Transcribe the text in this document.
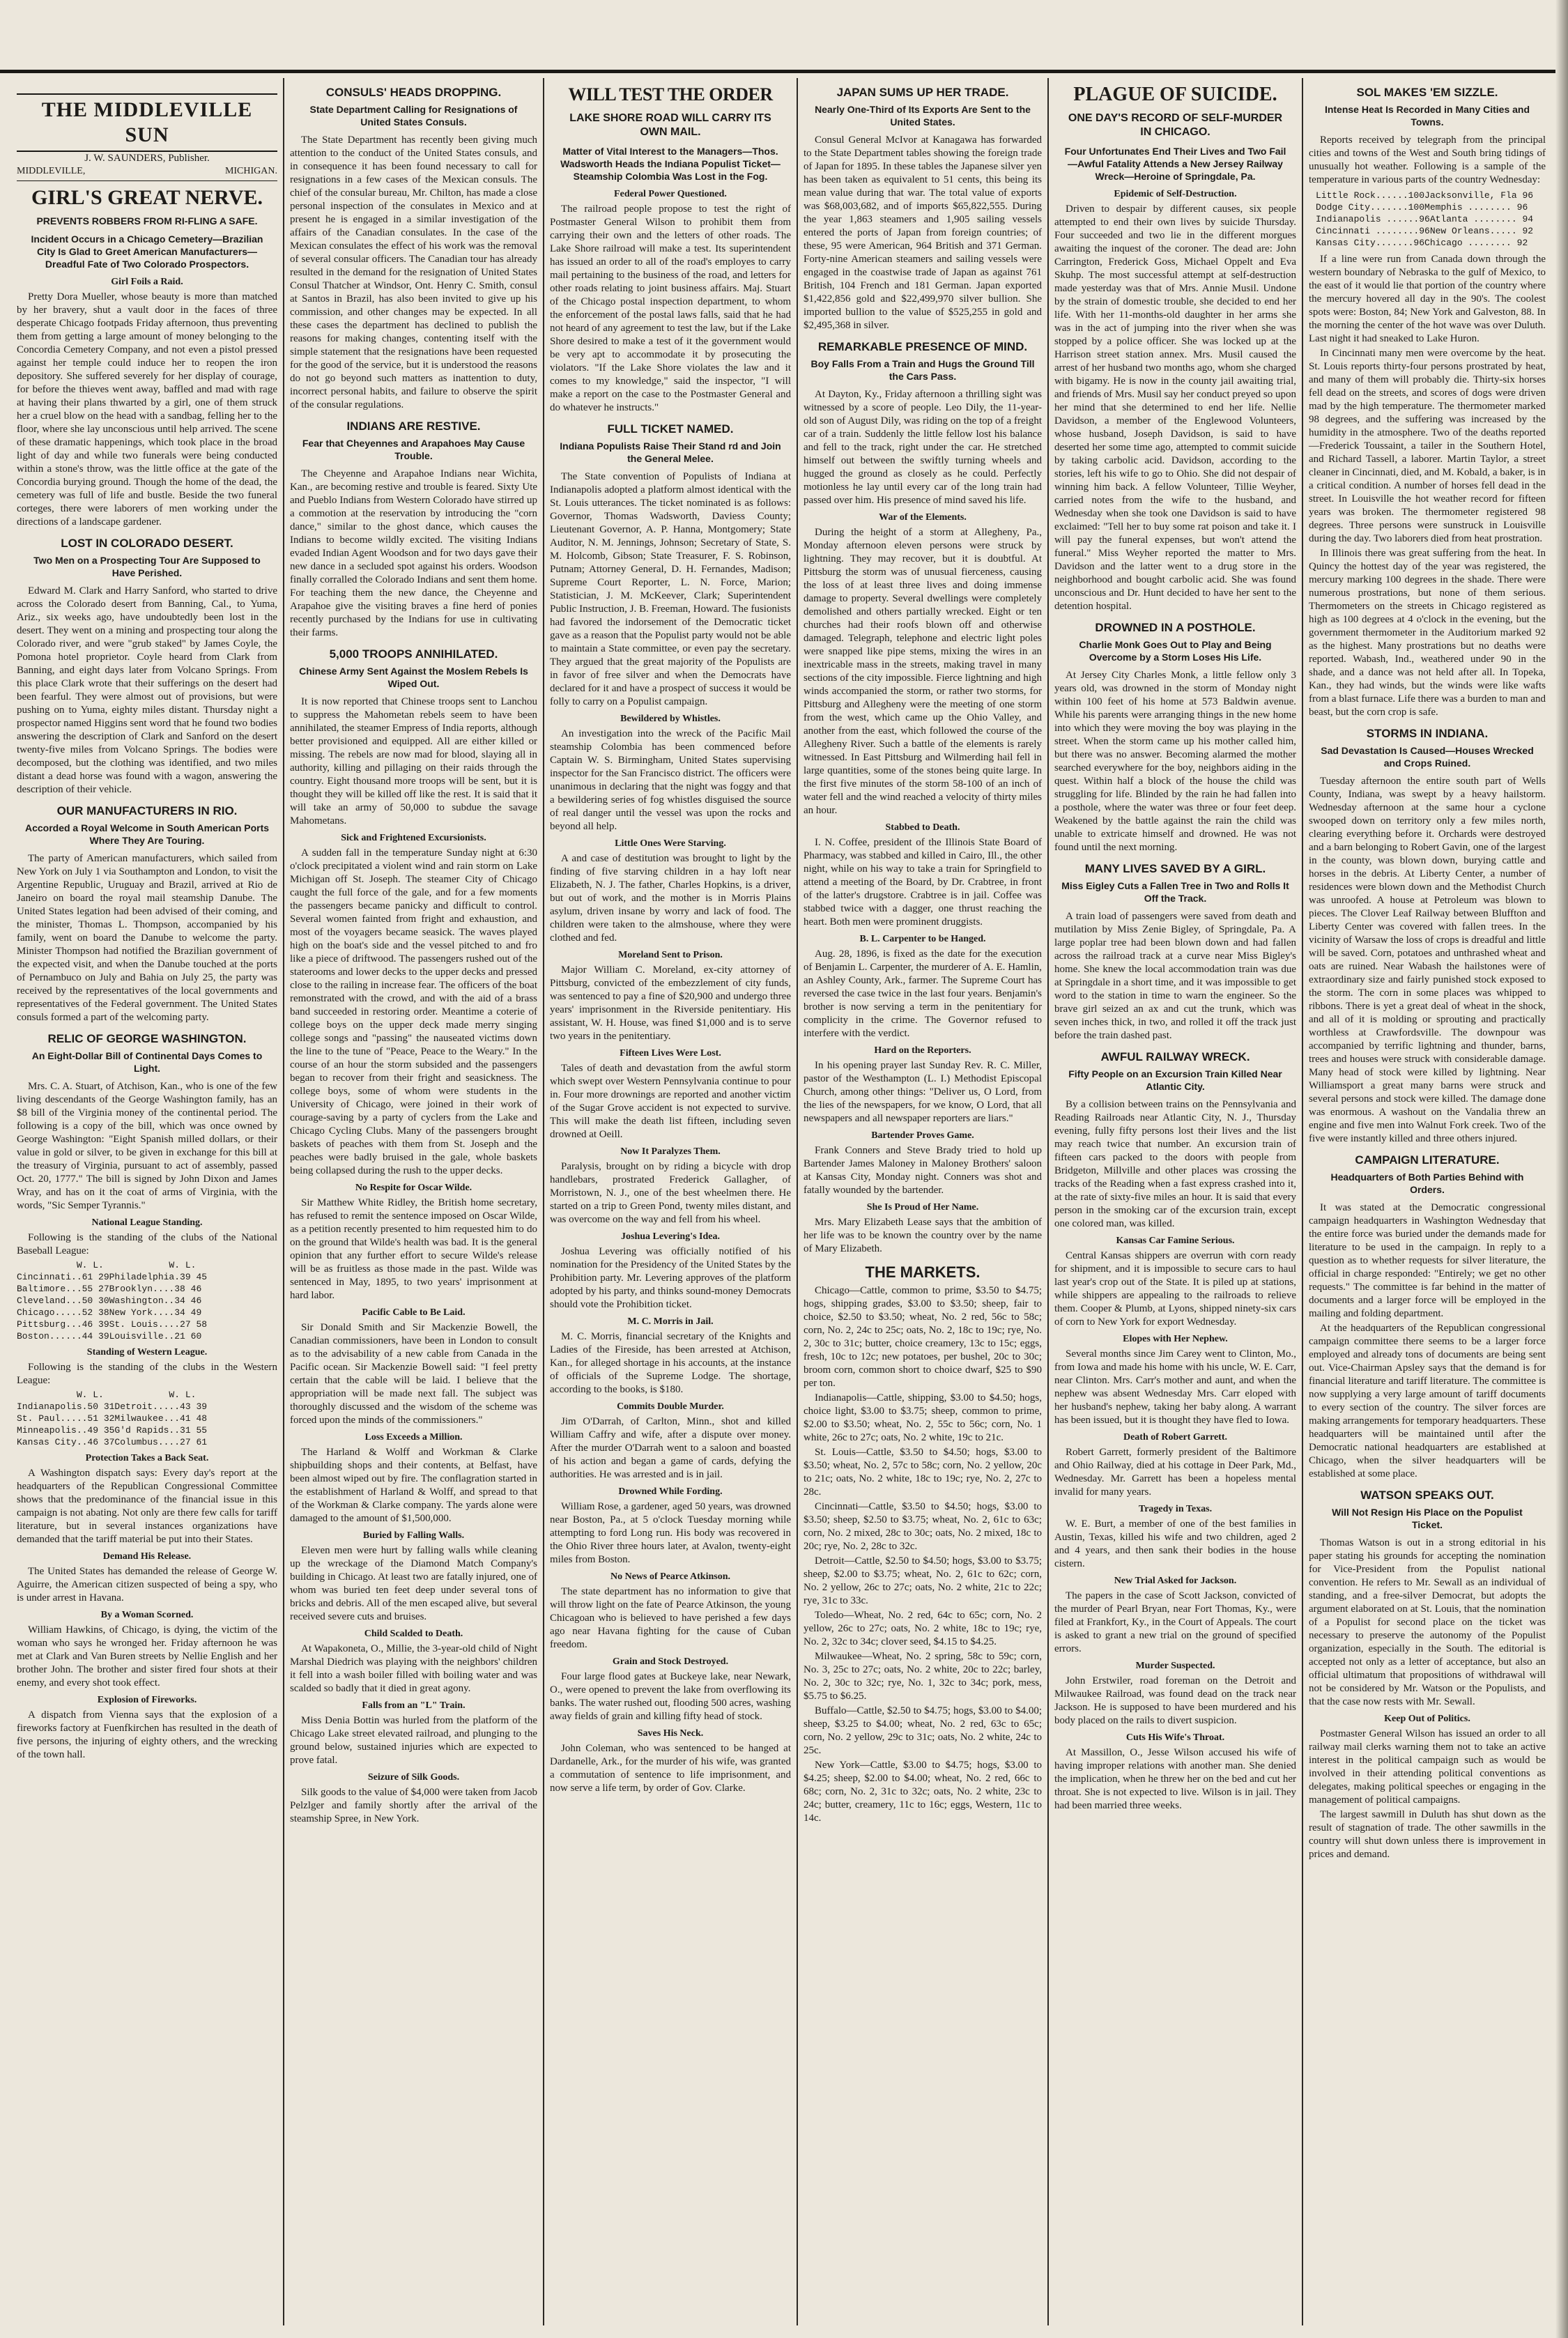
THE MIDDLEVILLE SUN
J. W. SAUNDERS, Publisher.
MIDDLEVILLE,	MICHIGAN.
GIRL'S GREAT NERVE.
PREVENTS ROBBERS FROM RI-FLING A SAFE.
Incident Occurs in a Chicago Cemetery—Brazilian City Is Glad to Greet American Manufacturers—Dreadful Fate of Two Colorado Prospectors.
Girl Foils a Raid.

Pretty Dora Mueller, whose beauty is more than matched by her bravery, shut a vault door in the faces of three desperate Chicago footpads Friday afternoon, thus preventing them from getting a large amount of money belonging to the Concordia Cemetery Company, and not even a pistol pressed against her temple could induce her to reopen the iron depository. She suffered severely for her display of courage, for before the thieves went away, baffled and mad with rage at having their plans thwarted by a girl, one of them struck her a cruel blow on the head with a sandbag, felling her to the floor, where she lay unconscious until help arrived. The scene of these dramatic happenings, which took place in the broad light of day and while two funerals were being conducted within a stone's throw, was the little office at the gate of the Concordia burying ground. Though the home of the dead, the cemetery was full of life and bustle. Beside the two funeral corteges, there were laborers of men working under the directions of a landscape gardener.

LOST IN COLORADO DESERT.
Two Men on a Prospecting Tour Are Supposed to Have Perished.

Edward M. Clark and Harry Sanford, who started to drive across the Colorado desert from Banning, Cal., to Yuma, Ariz., six weeks ago, have undoubtedly been lost in the desert. They went on a mining and prospecting tour along the Colorado river, and were "grub staked" by James Coyle, the Pomona hotel proprietor. Coyle heard from Clark from Banning, and eight days later from Volcano Springs. From this place Clark wrote that their sufferings on the desert had been fearful. They were almost out of provisions, but were pushing on to Yuma, eighty miles distant. Thursday night a prospector named Higgins sent word that he found two bodies answering the description of Clark and Sanford on the desert twenty-five miles from Volcano Springs. The bodies were decomposed, but the clothing was identified, and two miles distant a dead horse was found with a wagon, answering the description of their vehicle.

OUR MANUFACTURERS IN RIO.
Accorded a Royal Welcome in South American Ports Where They Are Touring.

The party of American manufacturers, which sailed from New York on July 1 via Southampton and London, to visit the Argentine Republic, Uruguay and Brazil, arrived at Rio de Janeiro on board the royal mail steamship Danube. The United States legation had been advised of their coming, and the minister, Thomas L. Thompson, accompanied by his family, went on board the Danube to welcome the party. Minister Thompson had notified the Brazilian government of the expected visit, and when the Danube touched at the ports of Pernambuco on July and Bahia on July 25, the party was received by the representatives of the local governments and representatives of the Federal government. The United States consuls formed a part of the welcoming party.

RELIC OF GEORGE WASHINGTON.
An Eight-Dollar Bill of Continental Days Comes to Light.

Mrs. C. A. Stuart, of Atchison, Kan., who is one of the few living descendants of the George Washington family, has an $8 bill of the Virginia money of the continental period. The following is a copy of the bill, which was once owned by George Washington: "Eight Spanish milled dollars, or their value in gold or silver, to be given in exchange for this bill at the treasury of Virginia, pursuant to act of assembly, passed Oct. 20, 1777." The bill is signed by John Dixon and James Wray, and has on it the coat of arms of Virginia, with the words, "Sic Semper Tyrannis."

National League Standing.

Following is the standing of the clubs of the National Baseball League:

W. L.            W. L.
Cincinnati..61 29Philadelphia.39 45
Baltimore...55 27Brooklyn....38 46
Cleveland...50 30Washington..34 46
Chicago.....52 38New York....34 49
Pittsburg...46 39St. Louis....27 58
Boston......44 39Louisville..21 60
Standing of Western League.

Following is the standing of the clubs in the Western League:

W. L.            W. L.
Indianapolis.50 31Detroit.....43 39
St. Paul.....51 32Milwaukee...41 48
Minneapolis..49 35G'd Rapids..31 55
Kansas City..46 37Columbus....27 61
Protection Takes a Back Seat.

A Washington dispatch says: Every day's report at the headquarters of the Republican Congressional Committee shows that the predominance of the financial issue in this campaign is not abating. Not only are there few calls for tariff literature, but in several instances organizations have demanded that the tariff material be put into their States.

Demand His Release.

The United States has demanded the release of George W. Aguirre, the American citizen suspected of being a spy, who is under arrest in Havana.

By a Woman Scorned.

William Hawkins, of Chicago, is dying, the victim of the woman who says he wronged her. Friday afternoon he was met at Clark and Van Buren streets by Nellie English and her brother John. The brother and sister fired four shots at their enemy, and every shot took effect.

Explosion of Fireworks.

A dispatch from Vienna says that the explosion of a fireworks factory at Fuenfkirchen has resulted in the death of five persons, the injuring of eighty others, and the wrecking of the town hall.

CONSULS' HEADS DROPPING.
State Department Calling for Resignations of United States Consuls.

The State Department has recently been giving much attention to the conduct of the United States consuls, and in consequence it has been found necessary to call for resignations in a few cases of the Mexican consuls. The chief of the consular bureau, Mr. Chilton, has made a close personal inspection of the consulates in Mexico and at present he is engaged in a similar investigation of the affairs of the Canadian consulates. In the case of the Mexican consulates the effect of his work was the removal of several consular officers. The Canadian tour has already resulted in the demand for the resignation of United States Consul Thatcher at Windsor, Ont. Henry C. Smith, consul at Santos in Brazil, has also been invited to give up his commission, and other changes may be expected. In all these cases the department has declined to publish the reasons for making changes, contenting itself with the simple statement that the resignations have been requested for the good of the service, but it is understood the reasons do not go beyond such matters as inattention to duty, incorrect personal habits, and failure to observe the spirit of the consular regulations.

INDIANS ARE RESTIVE.
Fear that Cheyennes and Arapahoes May Cause Trouble.

The Cheyenne and Arapahoe Indians near Wichita, Kan., are becoming restive and trouble is feared. Sixty Ute and Pueblo Indians from Western Colorado have stirred up a commotion at the reservation by introducing the "corn dance," similar to the ghost dance, which causes the Indians to become wildly excited. The visiting Indians evaded Indian Agent Woodson and for two days gave their new dance in a secluded spot against his orders. Woodson finally corralled the Colorado Indians and sent them home. For teaching them the new dance, the Cheyenne and Arapahoe give the visiting braves a fine herd of ponies recently purchased by the Indians for use in cultivating their farms.

5,000 TROOPS ANNIHILATED.
Chinese Army Sent Against the Moslem Rebels Is Wiped Out.

It is now reported that Chinese troops sent to Lanchou to suppress the Mahometan rebels seem to have been annihilated, the steamer Empress of India reports, although better provisioned and equipped. All are either killed or missing. The rebels are now mad for blood, slaying all in authority, killing and pillaging on their raids through the country. Eight thousand more troops will be sent, but it is thought they will be killed off like the rest. It is said that it will take an army of 50,000 to subdue the savage Mahometans.

Sick and Frightened Excursionists.

A sudden fall in the temperature Sunday night at 6:30 o'clock precipitated a violent wind and rain storm on Lake Michigan off St. Joseph. The steamer City of Chicago caught the full force of the gale, and for a few moments the passengers became panicky and difficult to control. Several women fainted from fright and exhaustion, and most of the voyagers became seasick. The waves played high on the boat's side and the vessel pitched to and fro like a piece of driftwood. The passengers rushed out of the staterooms and lower decks to the upper decks and pressed close to the railing in increase fear. The officers of the boat remonstrated with the crowd, and with the aid of a brass band succeeded in restoring order. Meantime a coterie of college boys on the upper deck made merry singing college songs and "passing" the nauseated victims down the line to the tune of "Peace, Peace to the Weary." In the course of an hour the storm subsided and the passengers began to recover from their fright and seasickness. The college boys, some of whom were students in the University of Chicago, were joined in their work of courage-saving by a party of cyclers from the Lake and Chicago Cycling Clubs. Many of the passengers brought baskets of peaches with them from St. Joseph and the peaches were badly bruised in the gale, whole baskets being collapsed during the rush to the upper decks.

No Respite for Oscar Wilde.

Sir Matthew White Ridley, the British home secretary, has refused to remit the sentence imposed on Oscar Wilde, as a petition recently presented to him requested him to do on the ground that Wilde's health was bad. It is the general opinion that any further effort to secure Wilde's release will be as fruitless as those made in the past. Wilde was sentenced in May, 1895, to two years' imprisonment at hard labor.

Pacific Cable to Be Laid.

Sir Donald Smith and Sir Mackenzie Bowell, the Canadian commissioners, have been in London to consult as to the advisability of a new cable from Canada in the Pacific ocean. Sir Mackenzie Bowell said: "I feel pretty certain that the cable will be laid. I believe that the appropriation will be made next fall. The subject was thoroughly discussed and the wisdom of the scheme was forced upon the minds of the commissioners."

Loss Exceeds a Million.

The Harland & Wolff and Workman & Clarke shipbuilding shops and their contents, at Belfast, have been almost wiped out by fire. The conflagration started in the establishment of Harland & Wolff, and spread to that of the Workman & Clarke company. The yards alone were damaged to the amount of $1,500,000.

Buried by Falling Walls.

Eleven men were hurt by falling walls while cleaning up the wreckage of the Diamond Match Company's building in Chicago. At least two are fatally injured, one of whom was buried ten feet deep under several tons of bricks and debris. All of the men escaped alive, but several received severe cuts and bruises.

Child Scalded to Death.

At Wapakoneta, O., Millie, the 3-year-old child of Night Marshal Diedrich was playing with the neighbors' children it fell into a wash boiler filled with boiling water and was scalded so badly that it died in great agony.

Falls from an "L" Train.

Miss Denia Bottin was hurled from the platform of the Chicago Lake street elevated railroad, and plunging to the ground below, sustained injuries which are expected to prove fatal.

Seizure of Silk Goods.

Silk goods to the value of $4,000 were taken from Jacob Pelzlger and family shortly after the arrival of the steamship Spree, in New York.

WILL TEST THE ORDER
LAKE SHORE ROAD WILL CARRY ITS OWN MAIL.
Matter of Vital Interest to the Managers—Thos. Wadsworth Heads the Indiana Populist Ticket—Steamship Colombia Was Lost in the Fog.
Federal Power Questioned.

The railroad people propose to test the right of Postmaster General Wilson to prohibit them from carrying their own and the letters of other roads. The Lake Shore railroad will make a test. Its superintendent has issued an order to all of the road's employes to carry mail pertaining to the business of the road, and letters for other roads relating to joint business affairs. Maj. Stuart of the Chicago postal inspection department, to whom the enforcement of the postal laws falls, said that he had not heard of any agreement to test the law, but if the Lake Shore desired to make a test of it the government would be very apt to accommodate it by prosecuting the violators. "If the Lake Shore violates the law and it comes to my knowledge," said the inspector, "I will make a report on the case to the Postmaster General and do whatever he instructs."

FULL TICKET NAMED.
Indiana Populists Raise Their Stand rd and Join the General Melee.

The State convention of Populists of Indiana at Indianapolis adopted a platform almost identical with the St. Louis utterances. The ticket nominated is as follows: Governor, Thomas Wadsworth, Daviess County; Lieutenant Governor, A. P. Hanna, Montgomery; State Auditor, N. M. Jennings, Johnson; Secretary of State, S. M. Holcomb, Gibson; State Treasurer, F. S. Robinson, Putnam; Attorney General, D. H. Fernandes, Madison; Supreme Court Reporter, L. N. Force, Marion; Statistician, J. M. McKeever, Clark; Superintendent Public Instruction, J. B. Freeman, Howard. The fusionists had favored the indorsement of the Democratic ticket gave as a reason that the Populist party would not be able to maintain a State committee, or even pay the secretary. They argued that the great majority of the Populists are in favor of free silver and when the Democrats have declared for it and have a prospect of success it would be folly to carry on a Populist campaign.

Bewildered by Whistles.

An investigation into the wreck of the Pacific Mail steamship Colombia has been commenced before Captain W. S. Birmingham, United States supervising inspector for the San Francisco district. The officers were unanimous in declaring that the night was foggy and that a bewildering series of fog whistles disguised the source of real danger until the vessel was upon the rocks and beyond all help.

Little Ones Were Starving.

A and case of destitution was brought to light by the finding of five starving children in a hay loft near Elizabeth, N. J. The father, Charles Hopkins, is a driver, but out of work, and the mother is in Morris Plains asylum, driven insane by worry and lack of food. The children were taken to the almshouse, where they were clothed and fed.

Moreland Sent to Prison.

Major William C. Moreland, ex-city attorney of Pittsburg, convicted of the embezzlement of city funds, was sentenced to pay a fine of $20,900 and undergo three years' imprisonment in the Riverside penitentiary. His assistant, W. H. House, was fined $1,000 and is to serve two years in the penitentiary.

Fifteen Lives Were Lost.

Tales of death and devastation from the awful storm which swept over Western Pennsylvania continue to pour in. Four more drownings are reported and another victim of the Sugar Grove accident is not expected to survive. This will make the death list fifteen, including seven drowned at Oeill.

Now It Paralyzes Them.

Paralysis, brought on by riding a bicycle with drop handlebars, prostrated Frederick Gallagher, of Morristown, N. J., one of the best wheelmen there. He started on a trip to Green Pond, twenty miles distant, and was overcome on the way and fell from his wheel.

Joshua Levering's Idea.

Joshua Levering was officially notified of his nomination for the Presidency of the United States by the Prohibition party. Mr. Levering approves of the platform adopted by his party, and thinks sound-money Democrats should vote the Prohibition ticket.

M. C. Morris in Jail.

M. C. Morris, financial secretary of the Knights and Ladies of the Fireside, has been arrested at Atchison, Kan., for alleged shortage in his accounts, at the instance of officials of the Supreme Lodge. The shortage, according to the books, is $180.

Commits Double Murder.

Jim O'Darrah, of Carlton, Minn., shot and killed William Caffry and wife, after a dispute over money. After the murder O'Darrah went to a saloon and boasted of his action and began a game of cards, defying the authorities. He was arrested and is in jail.

Drowned While Fording.

William Rose, a gardener, aged 50 years, was drowned near Boston, Pa., at 5 o'clock Tuesday morning while attempting to ford Long run. His body was recovered in the Ohio River three hours later, at Avalon, twenty-eight miles from Boston.

No News of Pearce Atkinson.

The state department has no information to give that will throw light on the fate of Pearce Atkinson, the young Chicagoan who is believed to have perished a few days ago near Havana fighting for the cause of Cuban freedom.

Grain and Stock Destroyed.

Four large flood gates at Buckeye lake, near Newark, O., were opened to prevent the lake from overflowing its banks. The water rushed out, flooding 500 acres, washing away fields of grain and killing fifty head of stock.

Saves His Neck.

John Coleman, who was sentenced to be hanged at Dardanelle, Ark., for the murder of his wife, was granted a commutation of sentence to life imprisonment, and now serve a life term, by order of Gov. Clarke.

JAPAN SUMS UP HER TRADE.
Nearly One-Third of Its Exports Are Sent to the United States.

Consul General McIvor at Kanagawa has forwarded to the State Department tables showing the foreign trade of Japan for 1895. In these tables the Japanese silver yen has been taken as equivalent to 51 cents, this being its mean value during that war. The total value of exports was $68,003,682, and of imports $65,822,555. During the year 1,863 steamers and 1,905 sailing vessels entered the ports of Japan from foreign countries; of these, 95 were American, 964 British and 371 German. Forty-nine American steamers and sailing vessels were engaged in the coastwise trade of Japan as against 761 British, 104 French and 181 German. Japan exported $1,422,856 gold and $22,499,970 silver bullion. She imported bullion to the value of $525,255 in gold and $2,495,368 in silver.

REMARKABLE PRESENCE OF MIND.
Boy Falls From a Train and Hugs the Ground Till the Cars Pass.

At Dayton, Ky., Friday afternoon a thrilling sight was witnessed by a score of people. Leo Dily, the 11-year-old son of August Dily, was riding on the top of a freight car of a train. Suddenly the little fellow lost his balance and fell to the track, right under the car. He stretched himself out between the swiftly turning wheels and hugged the ground as closely as he could. Perfectly motionless he lay until every car of the long train had passed over him. His presence of mind saved his life.

War of the Elements.

During the height of a storm at Allegheny, Pa., Monday afternoon eleven persons were struck by lightning. They may recover, but it is doubtful. At Pittsburg the storm was of unusual fierceness, causing the loss of at least three lives and doing immense damage to property. Several dwellings were completely demolished and others partially wrecked. Eight or ten churches had their roofs blown off and otherwise damaged. Telegraph, telephone and electric light poles were snapped like pipe stems, mixing the wires in an inextricable mass in the streets, making travel in many sections of the city impossible. Fierce lightning and high winds accompanied the storm, or rather two storms, for Pittsburg and Allegheny were the meeting of one storm from the west, which came up the Ohio Valley, and another from the east, which followed the course of the Allegheny River. Such a battle of the elements is rarely witnessed. In East Pittsburg and Wilmerding hail fell in large quantities, some of the stones being quite large. In the first five minutes of the storm 58-100 of an inch of water fell and the wind reached a velocity of thirty miles an hour.

Stabbed to Death.

I. N. Coffee, president of the Illinois State Board of Pharmacy, was stabbed and killed in Cairo, Ill., the other night, while on his way to take a train for Springfield to attend a meeting of the Board, by Dr. Crabtree, in front of the latter's drugstore. Crabtree is in jail. Coffee was stabbed twice with a dagger, one thrust reaching the heart. Both men were prominent druggists.

B. L. Carpenter to be Hanged.

Aug. 28, 1896, is fixed as the date for the execution of Benjamin L. Carpenter, the murderer of A. E. Hamlin, an Ashley County, Ark., farmer. The Supreme Court has reversed the case twice in the last four years. Benjamin's brother is now serving a term in the penitentiary for complicity in the crime. The Governor refused to interfere with the verdict.

Hard on the Reporters.

In his opening prayer last Sunday Rev. R. C. Miller, pastor of the Westhampton (L. I.) Methodist Episcopal Church, among other things: "Deliver us, O Lord, from the lies of the newspapers, for we know, O Lord, that all newspapers and all newspaper reporters are liars."

Bartender Proves Game.

Frank Conners and Steve Brady tried to hold up Bartender James Maloney in Maloney Brothers' saloon at Kansas City, Monday night. Conners was shot and fatally wounded by the bartender.

She Is Proud of Her Name.

Mrs. Mary Elizabeth Lease says that the ambition of her life was to be known the country over by the name of Mary Elizabeth.

THE MARKETS.

Chicago—Cattle, common to prime, $3.50 to $4.75; hogs, shipping grades, $3.00 to $3.50; sheep, fair to choice, $2.50 to $3.50; wheat, No. 2 red, 56c to 58c; corn, No. 2, 24c to 25c; oats, No. 2, 18c to 19c; rye, No. 2, 30c to 31c; butter, choice creamery, 13c to 15c; eggs, fresh, 10c to 12c; new potatoes, per bushel, 20c to 30c; broom corn, common short to choice dwarf, $25 to $90 per ton.

Indianapolis—Cattle, shipping, $3.00 to $4.50; hogs, choice light, $3.00 to $3.75; sheep, common to prime, $2.00 to $3.50; wheat, No. 2, 55c to 56c; corn, No. 1 white, 26c to 27c; oats, No. 2 white, 19c to 21c.

St. Louis—Cattle, $3.50 to $4.50; hogs, $3.00 to $3.50; wheat, No. 2, 57c to 58c; corn, No. 2 yellow, 20c to 21c; oats, No. 2 white, 18c to 19c; rye, No. 2, 27c to 28c.

Cincinnati—Cattle, $3.50 to $4.50; hogs, $3.00 to $3.50; sheep, $2.50 to $3.75; wheat, No. 2, 61c to 63c; corn, No. 2 mixed, 28c to 30c; oats, No. 2 mixed, 18c to 20c; rye, No. 2, 28c to 32c.

Detroit—Cattle, $2.50 to $4.50; hogs, $3.00 to $3.75; sheep, $2.00 to $3.75; wheat, No. 2, 61c to 62c; corn, No. 2 yellow, 26c to 27c; oats, No. 2 white, 21c to 22c; rye, 31c to 33c.

Toledo—Wheat, No. 2 red, 64c to 65c; corn, No. 2 yellow, 26c to 27c; oats, No. 2 white, 18c to 19c; rye, No. 2, 32c to 34c; clover seed, $4.15 to $4.25.

Milwaukee—Wheat, No. 2 spring, 58c to 59c; corn, No. 3, 25c to 27c; oats, No. 2 white, 20c to 22c; barley, No. 2, 30c to 32c; rye, No. 1, 32c to 34c; pork, mess, $5.75 to $6.25.

Buffalo—Cattle, $2.50 to $4.75; hogs, $3.00 to $4.00; sheep, $3.25 to $4.00; wheat, No. 2 red, 63c to 65c; corn, No. 2 yellow, 29c to 31c; oats, No. 2 white, 24c to 25c.

New York—Cattle, $3.00 to $4.75; hogs, $3.00 to $4.25; sheep, $2.00 to $4.00; wheat, No. 2 red, 66c to 68c; corn, No. 2, 31c to 32c; oats, No. 2 white, 23c to 24c; butter, creamery, 11c to 16c; eggs, Western, 11c to 14c.

PLAGUE OF SUICIDE.
ONE DAY'S RECORD OF SELF-MURDER IN CHICAGO.
Four Unfortunates End Their Lives and Two Fail—Awful Fatality Attends a New Jersey Railway Wreck—Heroine of Springdale, Pa.
Epidemic of Self-Destruction.

Driven to despair by different causes, six people attempted to end their own lives by suicide Thursday. Four succeeded and two lie in the different morgues awaiting the inquest of the coroner. The dead are: John Carrington, Frederick Goss, Michael Oppelt and Eva Skuhp. The most successful attempt at self-destruction made yesterday was that of Mrs. Annie Musil. Undone by the strain of domestic trouble, she decided to end her life. With her 11-months-old daughter in her arms she was in the act of jumping into the river when she was stopped by a police officer. She was locked up at the Harrison street station annex. Mrs. Musil caused the arrest of her husband two months ago, whom she charged with bigamy. He is now in the county jail awaiting trial, and friends of Mrs. Musil say her conduct preyed so upon her mind that she determined to end her life. Nellie Davidson, a member of the Englewood Volunteers, whose husband, Joseph Davidson, is said to have deserted her some time ago, attempted to commit suicide by taking carbolic acid. Davidson, according to the stories, left his wife to go to Ohio. She did not despair of winning him back. A fellow Volunteer, Tillie Weyher, carried notes from the wife to the husband, and Wednesday when she took one Davidson is said to have exclaimed: "Tell her to buy some rat poison and take it. I will pay the funeral expenses, but won't attend the funeral." Miss Weyher reported the matter to Mrs. Davidson and the latter went to a drug store in the neighborhood and bought carbolic acid. She was found unconscious and Dr. Hunt decided to have her sent to the detention hospital.

DROWNED IN A POSTHOLE.
Charlie Monk Goes Out to Play and Being Overcome by a Storm Loses His Life.

At Jersey City Charles Monk, a little fellow only 3 years old, was drowned in the storm of Monday night within 100 feet of his home at 573 Baldwin avenue. While his parents were arranging things in the new home into which they were moving the boy was playing in the street. When the storm came up his mother called him, but there was no answer. Becoming alarmed the mother searched everywhere for the boy, neighbors aiding in the quest. Within half a block of the house the child was struggling for life. Blinded by the rain he had fallen into a posthole, where the water was three or four feet deep. Weakened by the battle against the rain the child was unable to extricate himself and drowned. He was not found until the next morning.

MANY LIVES SAVED BY A GIRL.
Miss Eigley Cuts a Fallen Tree in Two and Rolls It Off the Track.

A train load of passengers were saved from death and mutilation by Miss Zenie Bigley, of Springdale, Pa. A large poplar tree had been blown down and had fallen across the railroad track at a curve near Miss Bigley's home. She knew the local accommodation train was due at Springdale in a short time, and it was impossible to get word to the station in time to warn the engineer. So the brave girl seized an ax and cut the trunk, which was seven inches thick, in two, and rolled it off the track just before the train dashed past.

AWFUL RAILWAY WRECK.
Fifty People on an Excursion Train Killed Near Atlantic City.

By a collision between trains on the Pennsylvania and Reading Railroads near Atlantic City, N. J., Thursday evening, fully fifty persons lost their lives and the list may reach twice that number. An excursion train of fifteen cars packed to the doors with people from Bridgeton, Millville and other places was crossing the tracks of the Reading when a fast express crashed into it, at the rate of sixty-five miles an hour. It is said that every person in the smoking car of the excursion train, except one colored man, was killed.

Kansas Car Famine Serious.

Central Kansas shippers are overrun with corn ready for shipment, and it is impossible to secure cars to haul last year's crop out of the State. It is piled up at stations, while shippers are appealing to the railroads to relieve them. Cooper & Plumb, at Lyons, shipped ninety-six cars of corn to New York for export Wednesday.

Elopes with Her Nephew.

Several months since Jim Carey went to Clinton, Mo., from Iowa and made his home with his uncle, W. E. Carr, near Clinton. Mrs. Carr's mother and aunt, and when the nephew was absent Wednesday Mrs. Carr eloped with her husband's nephew, taking her baby along. A warrant has been issued, but it is thought they have fled to Iowa.

Death of Robert Garrett.

Robert Garrett, formerly president of the Baltimore and Ohio Railway, died at his cottage in Deer Park, Md., Wednesday. Mr. Garrett has been a hopeless mental invalid for many years.

Tragedy in Texas.

W. E. Burt, a member of one of the best families in Austin, Texas, killed his wife and two children, aged 2 and 4 years, and then sank their bodies in the house cistern.

New Trial Asked for Jackson.

The papers in the case of Scott Jackson, convicted of the murder of Pearl Bryan, near Fort Thomas, Ky., were filed at Frankfort, Ky., in the Court of Appeals. The court is asked to grant a new trial on the ground of specified errors.

Murder Suspected.

John Erstwiler, road foreman on the Detroit and Milwaukee Railroad, was found dead on the track near Jackson. He is supposed to have been murdered and his body placed on the rails to divert suspicion.

Cuts His Wife's Throat.

At Massillon, O., Jesse Wilson accused his wife of having improper relations with another man. She denied the implication, when he threw her on the bed and cut her throat. She is not expected to live. Wilson is in jail. They had been married three weeks.

SOL MAKES 'EM SIZZLE.
Intense Heat Is Recorded in Many Cities and Towns.

Reports received by telegraph from the principal cities and towns of the West and South bring tidings of unusually hot weather. Following is a sample of the temperature in various parts of the country Wednesday:

Little Rock......100Jacksonville, Fla 96
Dodge City.......100Memphis ........ 96
Indianapolis ......96Atlanta ........ 94
Cincinnati ........96New Orleans..... 92
Kansas City.......96Chicago ........ 92

If a line were run from Canada down through the western boundary of Nebraska to the gulf of Mexico, to the east of it would lie that portion of the country where the mercury hovered all day in the 90's. The coolest spots were: Boston, 84; New York and Galveston, 88. In the morning the center of the hot wave was over Duluth. Last night it had sneaked to Lake Huron.

In Cincinnati many men were overcome by the heat. St. Louis reports thirty-four persons prostrated by heat, and many of them will probably die. Thirty-six horses fell dead on the streets, and scores of dogs were driven mad by the high temperature. The thermometer marked 98 degrees, and the suffering was increased by the humidity in the atmosphere. Two of the deaths reported—Frederick Toussaint, a tailer in the Southern Hotel, and Richard Tassell, a laborer. Martin Taylor, a street cleaner in Cincinnati, died, and M. Kobald, a baker, is in a critical condition. A number of horses fell dead in the street. In Louisville the hot weather record for fifteen years was broken. The thermometer registered 98 degrees. Three persons were sunstruck in Louisville during the day. Two laborers died from heat prostration.

In Illinois there was great suffering from the heat. In Quincy the hottest day of the year was registered, the mercury marking 100 degrees in the shade. There were numerous prostrations, but none of them serious. Thermometers on the streets in Chicago registered as high as 100 degrees at 4 o'clock in the evening, but the government thermometer in the Auditorium marked 92 as the highest. Many prostrations but no deaths were reported. Wabash, Ind., weathered under 90 in the shade, and a dance was not held after all. In Topeka, Kan., they had winds, but the winds were like wafts from a blast furnace. Life there was a burden to man and beast, but the corn crop is safe.

STORMS IN INDIANA.
Sad Devastation Is Caused—Houses Wrecked and Crops Ruined.

Tuesday afternoon the entire south part of Wells County, Indiana, was swept by a heavy hailstorm. Wednesday afternoon at the same hour a cyclone swooped down on territory only a few miles north, clearing everything before it. Orchards were destroyed and a barn belonging to Robert Gavin, one of the largest in the county, was blown down, burying cattle and horses in the debris. At Liberty Center, a number of residences were blown down and the Methodist Church was unroofed. A house at Petroleum was blown to pieces. The Clover Leaf Railway between Bluffton and Liberty Center was covered with fallen trees. In the vicinity of Warsaw the loss of crops is dreadful and little will be saved. Corn, potatoes and unthrashed wheat and oats are ruined. Near Wabash the hailstones were of extraordinary size and fairly punished stock exposed to the storm. The corn in some places was whipped to ribbons. There is yet a great deal of wheat in the shock, and all of it is molding or sprouting and practically worthless at Crawfordsville. The downpour was accompanied by terrific lightning and thunder, barns, trees and houses were struck with considerable damage. Many head of stock were killed by lightning. Near Williamsport a great many barns were struck and several persons and stock were killed. The damage done was enormous. A washout on the Vandalia threw an engine and five men into Walnut Fork creek. Two of the five were instantly killed and three others injured.

CAMPAIGN LITERATURE.
Headquarters of Both Parties Behind with Orders.

It was stated at the Democratic congressional campaign headquarters in Washington Wednesday that the entire force was buried under the demands made for literature to be used in the campaign. In reply to a question as to whether requests for silver literature, the official in charge responded: "Entirely; we get no other requests." The committee is far behind in the matter of documents and a larger force will be employed in the mailing and folding department.

At the headquarters of the Republican congressional campaign committee there seems to be a larger force employed and already tons of documents are being sent out. Vice-Chairman Apsley says that the demand is for financial literature and tariff literature. The committee is now supplying a very large amount of tariff documents to every section of the country. The silver forces are making arrangements for temporary headquarters. These headquarters will be maintained until after the Democratic national headquarters are established at Chicago, when the silver headquarters will be established at some place.

WATSON SPEAKS OUT.
Will Not Resign His Place on the Populist Ticket.

Thomas Watson is out in a strong editorial in his paper stating his grounds for accepting the nomination for Vice-President from the Populist national convention. He refers to Mr. Sewall as an individual of standing, and a free-silver Democrat, but adopts the argument elaborated on at St. Louis, that the nomination of a Populist for second place on the ticket was necessary to preserve the autonomy of the Populist organization, especially in the South. The editorial is accepted not only as a letter of acceptance, but also an official ultimatum that propositions of withdrawal will not be considered by Mr. Watson or the Populists, and that the case now rests with Mr. Sewall.

Keep Out of Politics.

Postmaster General Wilson has issued an order to all railway mail clerks warning them not to take an active interest in the political campaign such as would be involved in their attending political conventions as delegates, making political speeches or engaging in the management of political campaigns.

The largest sawmill in Duluth has shut down as the result of stagnation of trade. The other sawmills in the country will shut down unless there is improvement in prices and demand.
